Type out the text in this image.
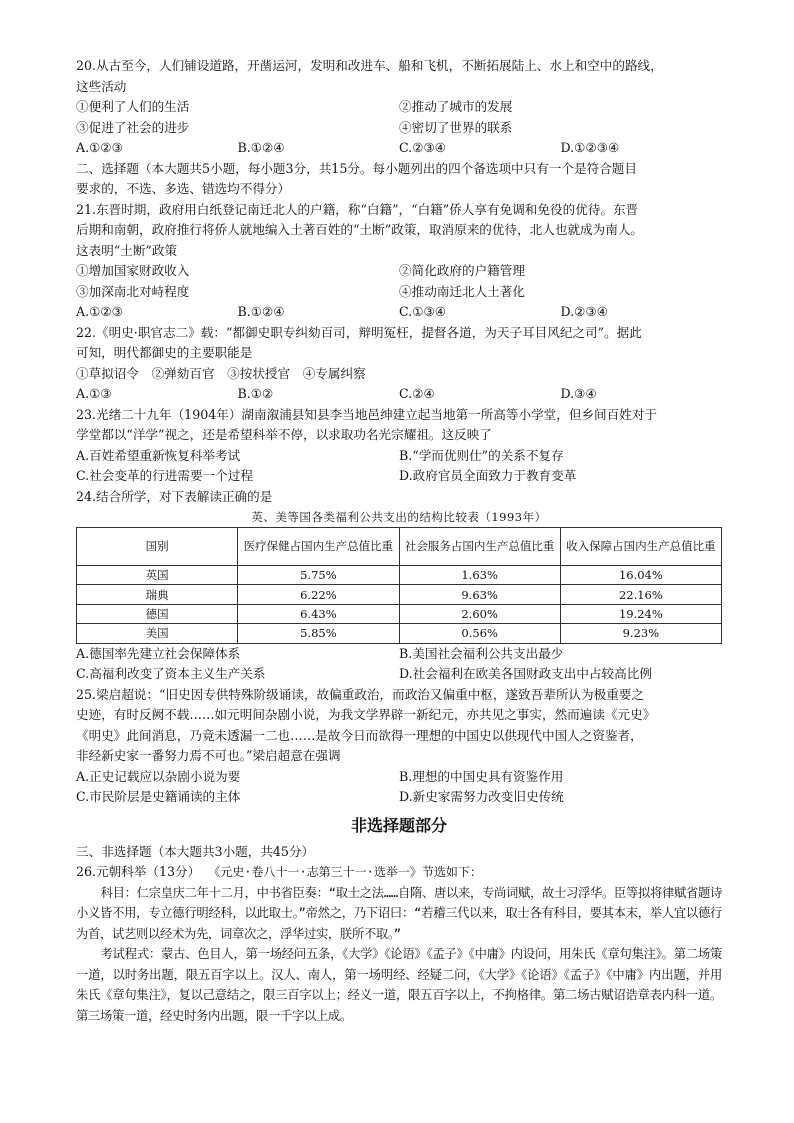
20.从古至今，人们铺设道路，开凿运河，发明和改进车、船和飞机，不断拓展陆上、水上和空中的路线，
这些活动
①便利了人们的生活	②推动了城市的发展
③促进了社会的进步	④密切了世界的联系
A.①②③	B.①②④	C.②③④	D.①②③④
二、选择题（本大题共5小题，每小题3分，共15分。每小题列出的四个备选项中只有一个是符合题目
要求的，不选、多选、错选均不得分）
21.东晋时期，政府用白纸登记南迁北人的户籍，称“白籍”，“白籍”侨人享有免调和免役的优待。东晋
后期和南朝，政府推行将侨人就地编入土著百姓的“土断”政策，取消原来的优待，北人也就成为南人。
这表明“土断”政策
①增加国家财政收入	②简化政府的户籍管理
③加深南北对峙程度	④推动南迁北人土著化
A.①②③	B.①②④	C.①③④	D.②③④
22.《明史·职官志二》载：“都御史职专纠劾百司，辩明冤枉，提督各道，为天子耳目风纪之司”。据此
可知，明代都御史的主要职能是
①草拟诏令　②弹劾百官　③按状授官　④专属纠察
A.①③	B.①②	C.②④	D.③④
23.光绪二十九年（1904年）湖南溆浦县知县李当地邑绅建立起当地第一所高等小学堂，但乡间百姓对于
学堂都以“洋学”视之，还是希望科举不停，以求取功名光宗耀祖。这反映了
A.百姓希望重新恢复科举考试	B.“学而优则仕”的关系不复存
C.社会变革的行进需要一个过程	D.政府官员全面致力于教育变革
24.结合所学，对下表解读正确的是
英、美等国各类福利公共支出的结构比较表（1993年）
国别	医疗保健占国内生产总值比重	社会服务占国内生产总值比重	收入保障占国内生产总值比重
英国	5.75%	1.63%	16.04%
瑞典	6.22%	9.63%	22.16%
德国	6.43%	2.60%	19.24%
美国	5.85%	0.56%	9.23%
A.德国率先建立社会保障体系	B.美国社会福利公共支出最少
C.高福利改变了资本主义生产关系	D.社会福利在欧美各国财政支出中占较高比例
25.梁启超说：“旧史因专供特殊阶级诵读，故偏重政治，而政治又偏重中枢，遂致吾辈所认为极重要之
史迹，有时反阙不载……如元明间杂剧小说，为我文学界辟一新纪元，亦共见之事实，然而遍读《元史》
《明史》此间消息，乃竟未透漏一二也……是故今日而欲得一理想的中国史以供现代中国人之资鉴者，
非经新史家一番努力焉不可也。”梁启超意在强调
A.正史记载应以杂剧小说为要	B.理想的中国史具有资鉴作用
C.市民阶层是史籍诵读的主体	D.新史家需努力改变旧史传统
非选择题部分
三、非选择题（本大题共3小题，共45分）
26.元朝科举（13分） 《元史·卷八十一·志第三十一·选举一》节选如下：
科目：仁宗皇庆二年十二月，中书省臣奏：“取士之法……自隋、唐以来，专尚词赋，故士习浮华。臣等拟将律赋省题诗小义皆不用，专立德行明经科，以此取士。”帝然之，乃下诏曰：“若稽三代以来，取士各有科目，要其本末，举人宜以德行为首，试艺则以经术为先，词章次之，浮华过实，朕所不取。”
考试程式：蒙古、色目人，第一场经问五条，《大学》《论语》《孟子》《中庸》内设问，用朱氏《章句集注》。第二场策一道，以时务出题，限五百字以上。汉人、南人，第一场明经、经疑二问，《大学》《论语》《孟子》《中庸》内出题，并用朱氏《章句集注》，复以己意结之，限三百字以上；经义一道，限五百字以上，不拘格律。第二场古赋诏诰章表内科一道。第三场策一道，经史时务内出题，限一千字以上成。
